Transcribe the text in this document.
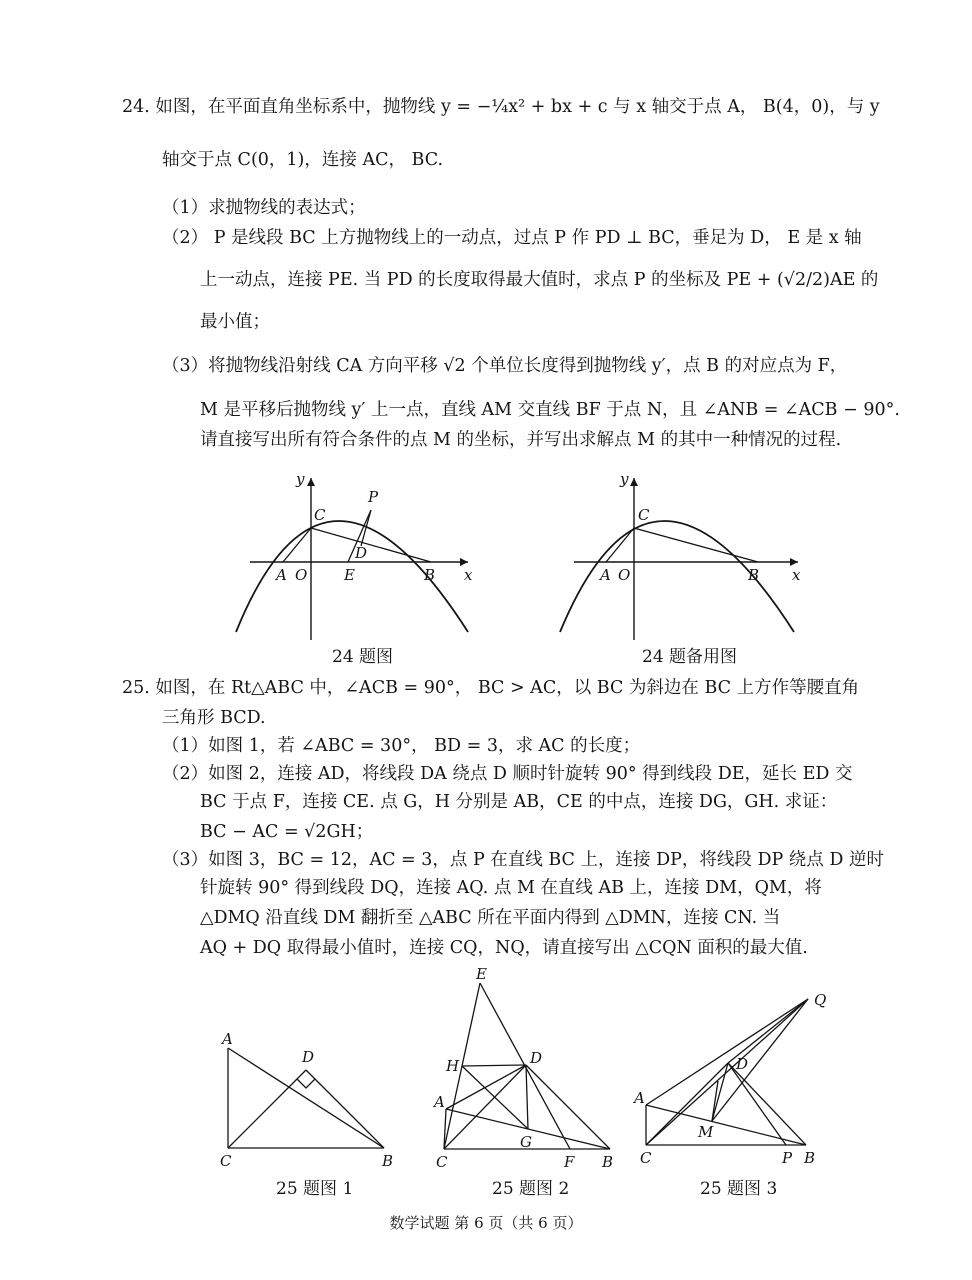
24. 如图，在平面直角坐标系中，抛物线 y = −¼x² + bx + c 与 x 轴交于点 A， B(4，0)，与 y
轴交于点 C(0，1)，连接 AC， BC.
（1）求抛物线的表达式；
（2） P 是线段 BC 上方抛物线上的一动点，过点 P 作 PD ⊥ BC，垂足为 D， E 是 x 轴
上一动点，连接 PE. 当 PD 的长度取得最大值时，求点 P 的坐标及 PE + (√2/2)AE 的
最小值；
（3）将抛物线沿射线 CA 方向平移 √2 个单位长度得到抛物线 y′，点 B 的对应点为 F，
M 是平移后抛物线 y′ 上一点，直线 AM 交直线 BF 于点 N，且 ∠ANB = ∠ACB − 90°.
请直接写出所有符合条件的点 M 的坐标，并写出求解点 M 的其中一种情况的过程.
y
x
C
P
D
A O E	B
24 题图
y
x
C
A O	B
24 题备用图
25. 如图，在 Rt△ABC 中，∠ACB = 90°， BC > AC，以 BC 为斜边在 BC 上方作等腰直角
三角形 BCD.
（1）如图 1，若 ∠ABC = 30°， BD = 3，求 AC 的长度；
（2）如图 2，连接 AD，将线段 DA 绕点 D 顺时针旋转 90° 得到线段 DE，延长 ED 交
BC 于点 F，连接 CE. 点 G，H 分别是 AB，CE 的中点，连接 DG，GH. 求证：
BC − AC = √2GH；
（3）如图 3，BC = 12，AC = 3，点 P 在直线 BC 上，连接 DP，将线段 DP 绕点 D 逆时
针旋转 90° 得到线段 DQ，连接 AQ. 点 M 在直线 AB 上，连接 DM，QM，将
△DMQ 沿直线 DM 翻折至 △ABC 所在平面内得到 △DMN，连接 CN. 当
AQ + DQ 取得最小值时，连接 CQ，NQ，请直接写出 △CQN 面积的最大值.
A
D
C	B
25 题图 1
E
H	D
A
G
C	F B
25 题图 2
Q
D
A
M
C	P B
25 题图 3
数学试题 第 6 页（共 6 页）
